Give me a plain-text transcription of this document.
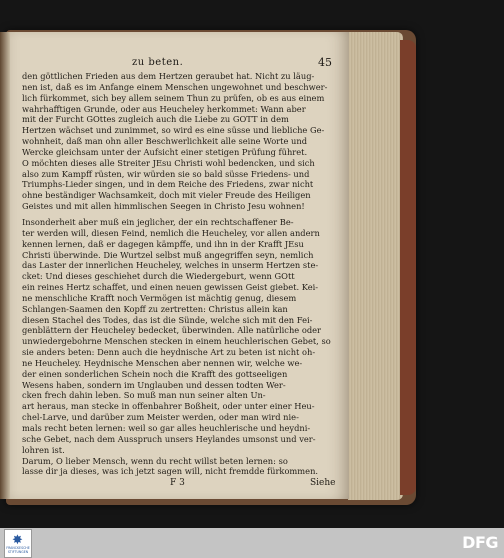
zu beten.	45
den göttlichen Frieden aus dem Hertzen geraubet hat. Nicht zu läug-
nen ist, daß es im Anfange einem Menschen ungewohnet und beschwer-
lich fürkommet, sich bey allem seinem Thun zu prüfen, ob es aus einem
wahrhafftigen Grunde, oder aus Heucheley herkommet: Wann aber
mit der Furcht GOttes zugleich auch die Liebe zu GOTT in dem
Hertzen wächset und zunimmet, so wird es eine süsse und liebliche Ge-
wohnheit, daß man ohn aller Beschwerlichkeit alle seine Worte und
Wercke gleichsam unter der Aufsicht einer stetigen Prüfung führet.
O möchten dieses alle Streiter JEsu Christi wohl bedencken, und sich
also zum Kampff rüsten, wir würden sie so bald süsse Friedens- und
Triumphs-Lieder singen, und in dem Reiche des Friedens, zwar nicht
ohne beständiger Wachsamkeit, doch mit vieler Freude des Heiligen
Geistes und mit allen himmlischen Seegen in Christo Jesu wohnen!
Insonderheit aber muß ein jeglicher, der ein rechtschaffener Be-
ter werden will, diesen Feind, nemlich die Heucheley, vor allen andern
kennen lernen, daß er dagegen kämpffe, und ihn in der Krafft JEsu
Christi überwinde. Die Wurtzel selbst muß angegriffen seyn, nemlich
das Laster der innerlichen Heucheley, welches in unserm Hertzen ste-
cket: Und dieses geschiehet durch die Wiedergeburt, wenn GOtt
ein reines Hertz schaffet, und einen neuen gewissen Geist giebet. Kei-
ne menschliche Krafft noch Vermögen ist mächtig genug, diesem
Schlangen-Saamen den Kopff zu zertretten: Christus allein kan
diesen Stachel des Todes, das ist die Sünde, welche sich mit den Fei-
genblättern der Heucheley bedecket, überwinden. Alle natürliche oder
unwiedergebohrne Menschen stecken in einem heuchlerischen Gebet, so
sie anders beten: Denn auch die heydnische Art zu beten ist nicht oh-
ne Heucheley. Heydnische Menschen aber nennen wir, welche we-
der einen sonderlichen Schein noch die Krafft des gottseeligen
Wesens haben, sondern im Unglauben und dessen todten Wer-
cken frech dahin leben. So muß man nun seiner alten Un-
art heraus, man stecke in offenbahrer Boßheit, oder unter einer Heu-
chel-Larve, und darüber zum Meister werden, oder man wird nie-
mals recht beten lernen: weil so gar alles heuchlerische und heydni-
sche Gebet, nach dem Ausspruch unsers Heylandes umsonst und ver-
lohren ist.
Darum, O lieber Mensch, wenn du recht willst beten lernen: so
lasse dir ja dieses, was ich jetzt sagen will, nicht fremdde fürkommen.
F 3	Siehe
✸
FRANCKESCHE STIFTUNGEN	DFG
